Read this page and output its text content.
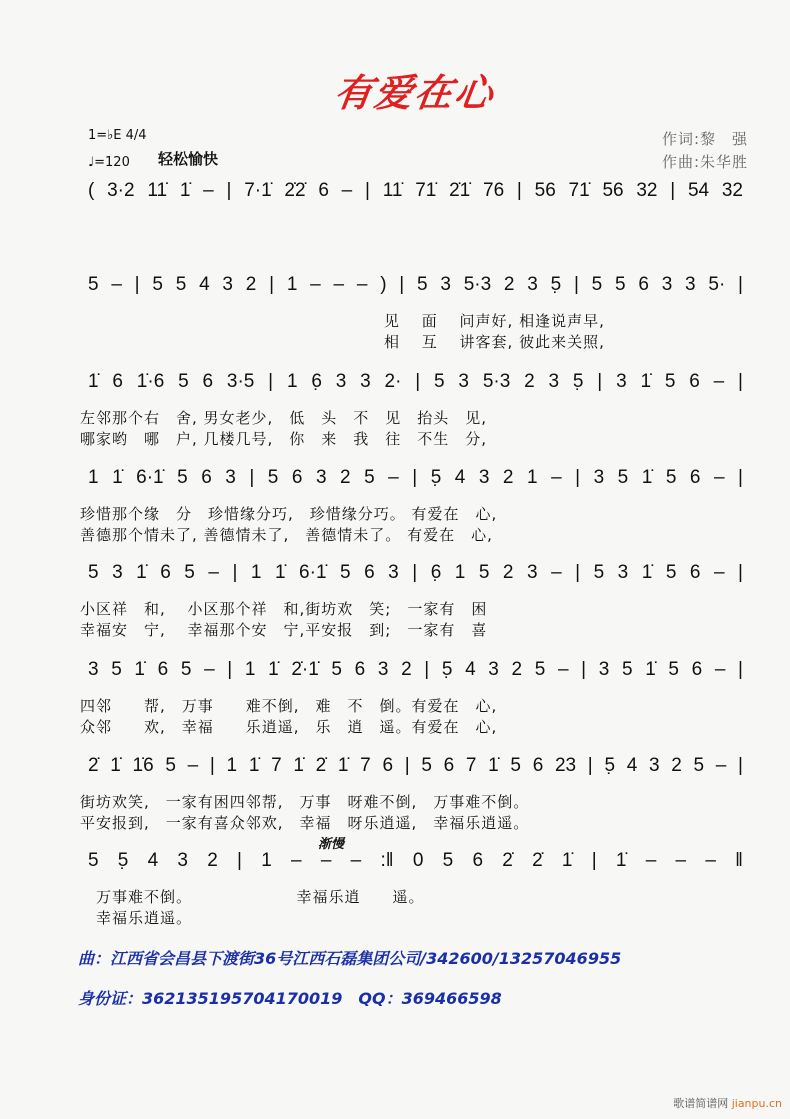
有爱在心
1=♭E 4/4
♩=120 轻松愉快
作词:黎　强
作曲:朱华胜
渐慢
( 3·2 11̇ 1̇ – | 7·1̇ 2̇2̇ 6 – | 11̇ 71̇ 2̇1̇ 76 | 56 71̇ 56 32 | 54 32
5 – | 5 5 4 3 2 | 1 – – – ) | 5 3 5·3 2 3 5̣ | 5 5 6 3 3 5· |
　　　　　　　　　　　　　　　　　　　见　 面　 问声好, 相逢说声早,
　　　　　　　　　　　　　　　　　　　相　 互　 讲客套, 彼此来关照,
1̇ 6 1̇·6 5 6 3·5 | 1 6̣ 3 3 2· | 5 3 5·3 2 3 5̣ | 3 1̇ 5 6 – |
左邻那个右　舍, 男女老少,　低　头　不　见　抬头　见,
哪家哟　哪　户, 几楼几号,　你　来　我　往　不生　分,
1 1̇ 6·1̇ 5 6 3 | 5 6 3 2 5 – | 5̣ 4 3 2 1 – | 3 5 1̇ 5 6 – |
珍惜那个缘　分　珍惜缘分巧,　珍惜缘分巧。 有爱在　心,
善德那个情未了, 善德情未了,　善德情未了。 有爱在　心,
5 3 1̇ 6 5 – | 1 1̇ 6·1̇ 5 6 3 | 6̣ 1 5 2 3 – | 5 3 1̇ 5 6 – |
小区祥　和,　 小区那个祥　和,街坊欢　笑;　一家有　困
幸福安　宁,　 幸福那个安　宁,平安报　到;　一家有　喜
3 5 1̇ 6 5 – | 1 1̇ 2̇·1̇ 5 6 3 2 | 5̣ 4 3 2 5 – | 3 5 1̇ 5 6 – |
四邻　　帮,　万事　　难不倒,　难　不　倒。有爱在　心,
众邻　　欢,　幸福　　乐逍遥,　乐　逍　遥。有爱在　心,
2̇ 1̇ 1̇6 5 – | 1 1̇ 7 1̇ 2̇ 1̇ 7 6 | 5 6 7 1̇ 5 6 23 | 5̣ 4 3 2 5 – |
街坊欢笑,　一家有困四邻帮,　万事　呀难不倒,　万事难不倒。
平安报到,　一家有喜众邻欢,　幸福　呀乐逍遥,　幸福乐逍遥。
5 5̣ 4 3 2 | 1 – – – :‖ 0 5 6 2̇ 2̇ 1̇ | 1̇ – – – ‖
　万事难不倒。　　　　　　　幸福乐逍　　遥。
　幸福乐逍遥。
曲：江西省会昌县下渡街36号江西石磊集团公司/342600/13257046955
身份证：362135195704170019　QQ：369466598
歌谱简谱网 jianpu.cn
